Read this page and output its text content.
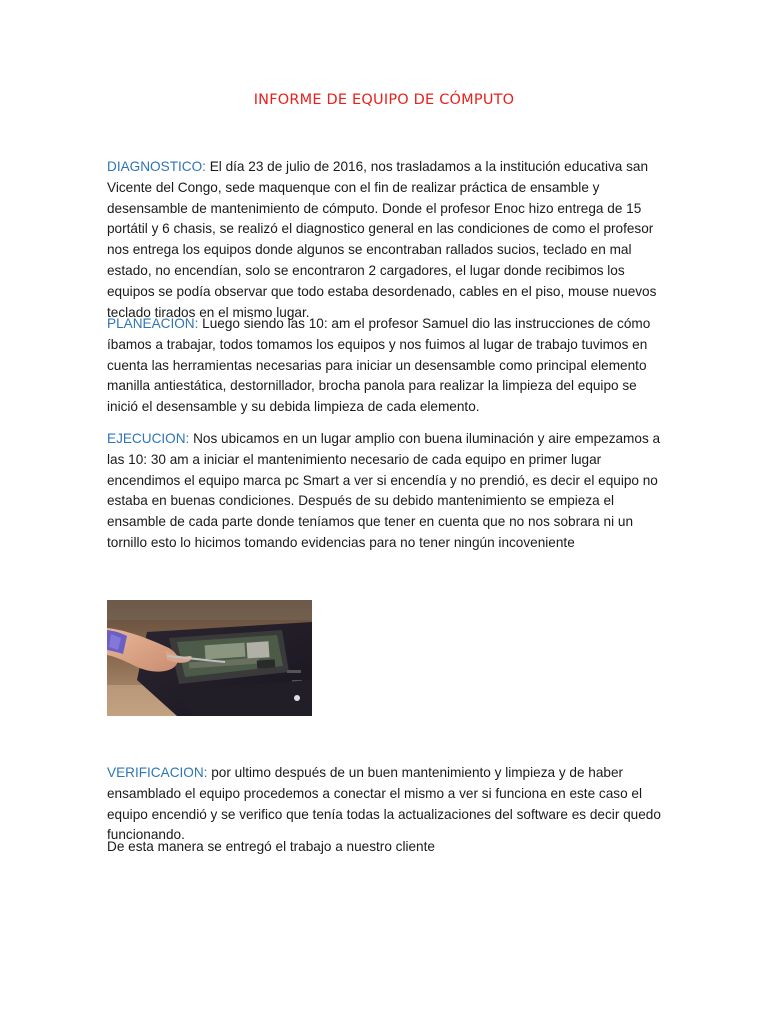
INFORME DE EQUIPO DE CÓMPUTO

DIAGNOSTICO: El día 23 de julio de 2016, nos trasladamos a la institución educativa san Vicente del Congo, sede maquenque con el fin de realizar práctica de ensamble y desensamble de mantenimiento de cómputo. Donde el profesor Enoc hizo entrega de 15 portátil y 6 chasis, se realizó el diagnostico general en las condiciones de como el profesor nos entrega los equipos donde algunos se encontraban rallados sucios, teclado en mal estado, no encendían, solo se encontraron 2 cargadores, el lugar donde recibimos los equipos se podía observar que todo estaba desordenado, cables en el piso, mouse nuevos teclado tirados en el mismo lugar.

PLANEACION: Luego siendo las 10: am el profesor Samuel dio las instrucciones de cómo íbamos a trabajar, todos tomamos los equipos y nos fuimos al lugar de trabajo tuvimos en cuenta las herramientas necesarias para iniciar un desensamble como principal elemento manilla antiestática, destornillador, brocha panola para realizar la limpieza del equipo se inició el desensamble y su debida limpieza de cada elemento.

EJECUCION: Nos ubicamos en un lugar amplio con buena iluminación y aire empezamos a las 10: 30 am a iniciar el mantenimiento necesario de cada equipo en primer lugar encendimos el equipo marca pc Smart a ver si encendía y no prendió, es decir el equipo no estaba en buenas condiciones. Después de su debido mantenimiento se empieza el ensamble de cada parte donde teníamos que tener en cuenta que no nos sobrara ni un tornillo esto lo hicimos tomando evidencias para no tener ningún incoveniente

VERIFICACION: por ultimo después de un buen mantenimiento y limpieza y de haber ensamblado el equipo procedemos a conectar el mismo a ver si funciona en este caso el equipo encendió y se verifico que tenía todas la actualizaciones del software es decir quedo funcionando.

De esta manera se entregó el trabajo a nuestro cliente
